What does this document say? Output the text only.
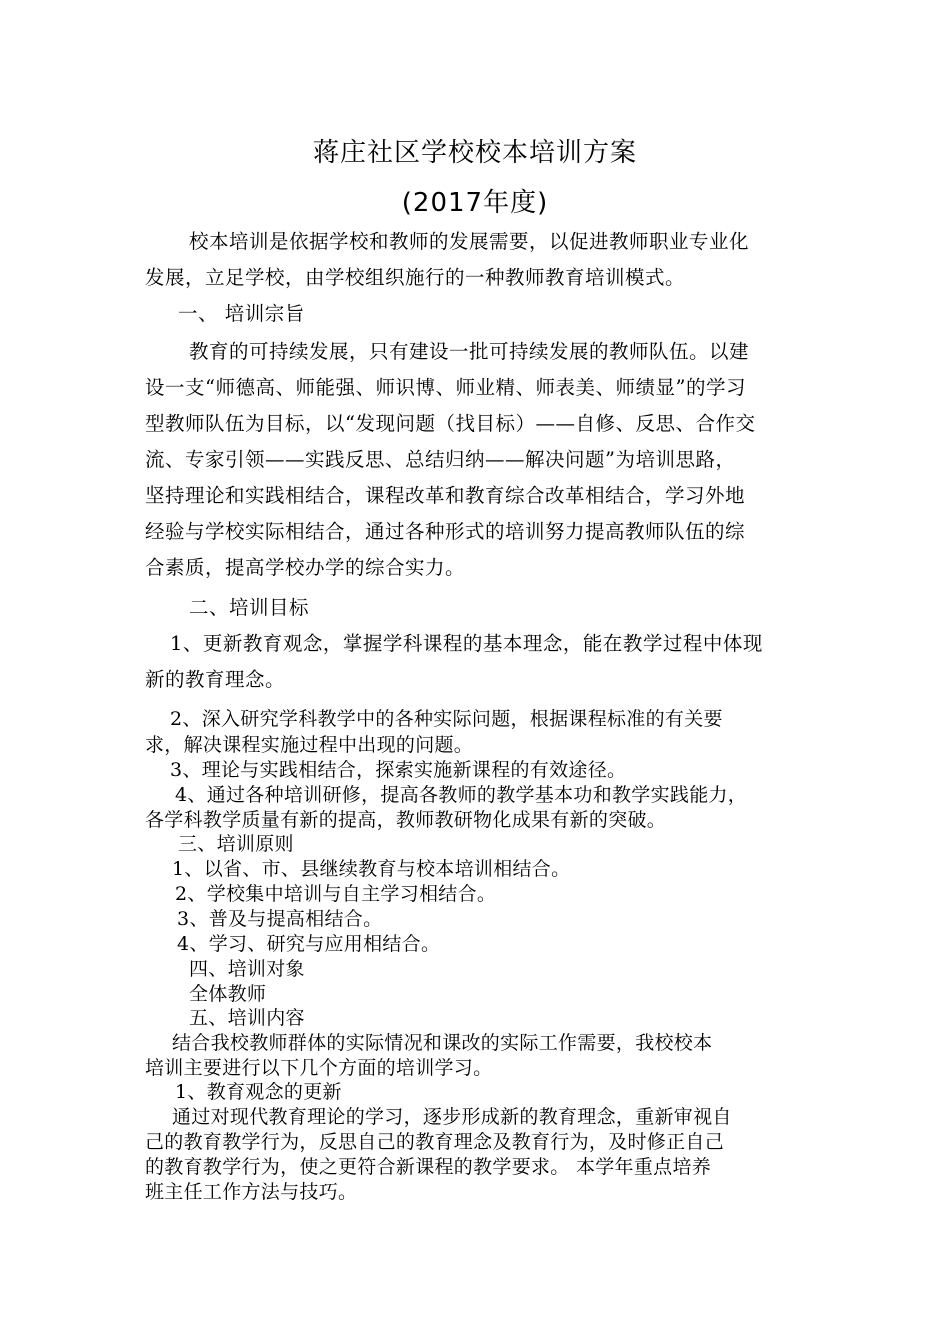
蒋庄社区学校校本培训方案
(2017年度)
校本培训是依据学校和教师的发展需要，以促进教师职业专业化
发展，立足学校，由学校组织施行的一种教师教育培训模式。
一、 培训宗旨
教育的可持续发展，只有建设一批可持续发展的教师队伍。以建
设一支“师德高、师能强、师识博、师业精、师表美、师绩显”的学习
型教师队伍为目标，以“发现问题（找目标）——自修、反思、合作交
流、专家引领——实践反思、总结归纳——解决问题”为培训思路，
坚持理论和实践相结合，课程改革和教育综合改革相结合，学习外地
经验与学校实际相结合，通过各种形式的培训努力提高教师队伍的综
合素质，提高学校办学的综合实力。
二、培训目标
1、更新教育观念，掌握学科课程的基本理念，能在教学过程中体现
新的教育理念。
2、深入研究学科教学中的各种实际问题，根据课程标准的有关要
求，解决课程实施过程中出现的问题。
3、理论与实践相结合，探索实施新课程的有效途径。
4、通过各种培训研修，提高各教师的教学基本功和教学实践能力，
各学科教学质量有新的提高，教师教研物化成果有新的突破。
三、培训原则
1、以省、市、县继续教育与校本培训相结合。
2、学校集中培训与自主学习相结合。
3、普及与提高相结合。
4、学习、研究与应用相结合。
四、培训对象
全体教师
五、培训内容
结合我校教师群体的实际情况和课改的实际工作需要，我校校本
培训主要进行以下几个方面的培训学习。
1、教育观念的更新
通过对现代教育理论的学习，逐步形成新的教育理念，重新审视自
己的教育教学行为，反思自己的教育理念及教育行为，及时修正自己
的教育教学行为，使之更符合新课程的教学要求。 本学年重点培养
班主任工作方法与技巧。
